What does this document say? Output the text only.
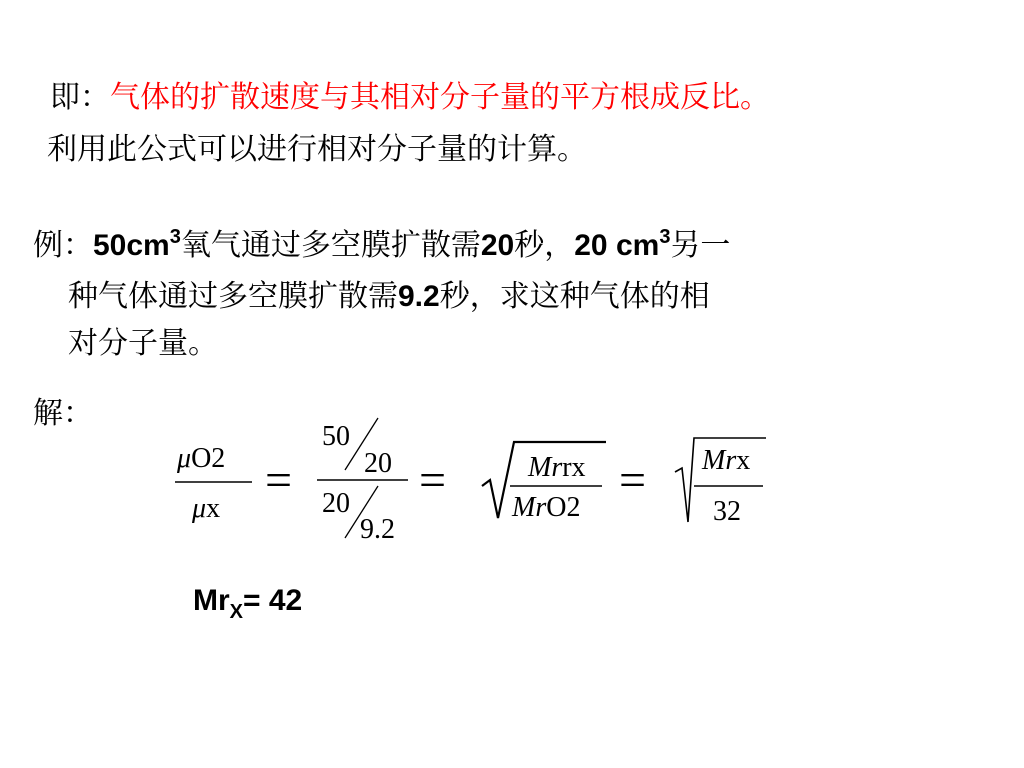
即：气体的扩散速度与其相对分子量的平方根成反比。
利用此公式可以进行相对分子量的计算。
例：$50cm^3$氧气通过多空膜扩散需20秒，20 $cm^3$另一
种气体通过多空膜扩散需9.2秒，求这种气体的相
对分子量。
解：
μO2
μx
=
50
20
20
9.2
=	Mrrx
MrO2
= Mrx
32
$Mr_X= 42$
